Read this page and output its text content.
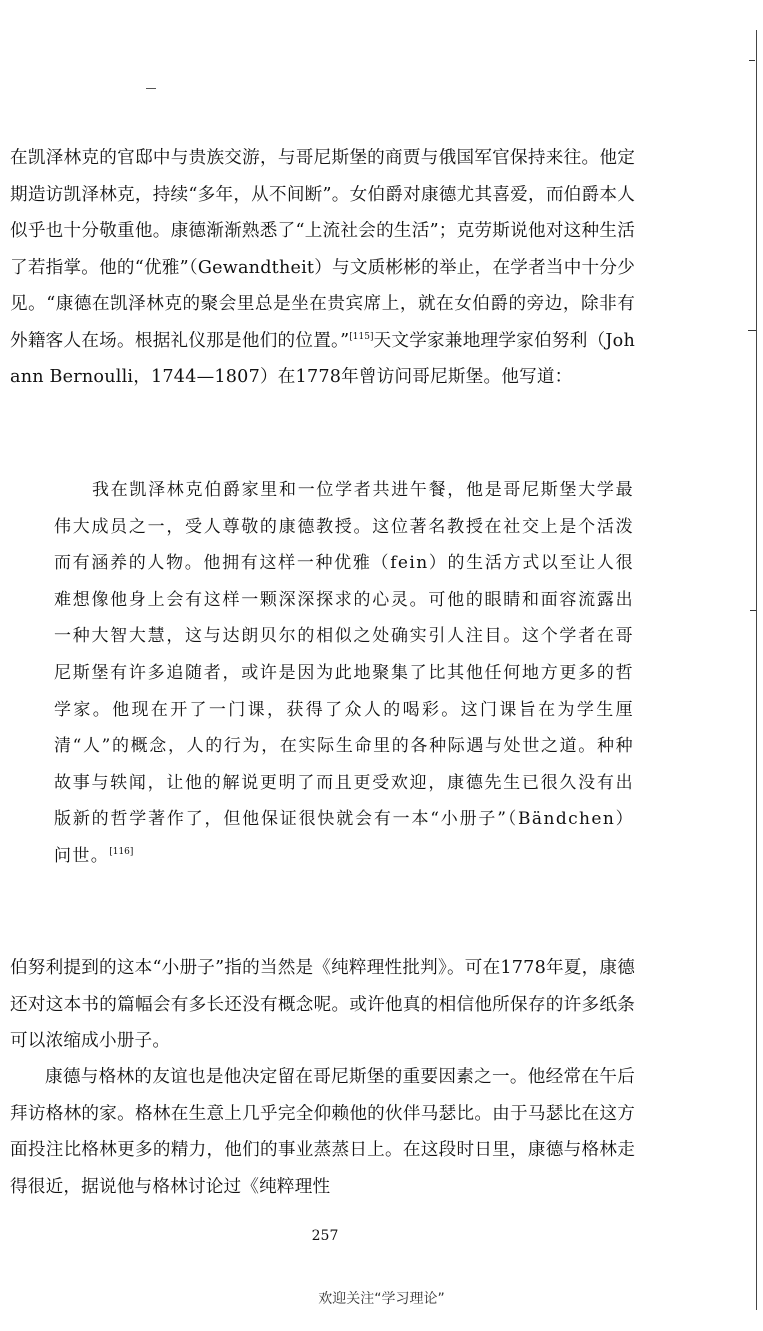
在凯泽林克的官邸中与贵族交游，与哥尼斯堡的商贾与俄国军官保持来往。他定期造访凯泽林克，持续“多年，从不间断”。女伯爵对康德尤其喜爱，而伯爵本人似乎也十分敬重他。康德渐渐熟悉了“上流社会的生活”；克劳斯说他对这种生活了若指掌。他的“优雅”（Gewandtheit）与文质彬彬的举止，在学者当中十分少见。“康德在凯泽林克的聚会里总是坐在贵宾席上，就在女伯爵的旁边，除非有外籍客人在场。根据礼仪那是他们的位置。”[115]天文学家兼地理学家伯努利（Johann Bernoulli，1744—1807）在1778年曾访问哥尼斯堡。他写道：

我在凯泽林克伯爵家里和一位学者共进午餐，他是哥尼斯堡大学最伟大成员之一，受人尊敬的康德教授。这位著名教授在社交上是个活泼而有涵养的人物。他拥有这样一种优雅（fein）的生活方式以至让人很难想像他身上会有这样一颗深深探求的心灵。可他的眼睛和面容流露出一种大智大慧，这与达朗贝尔的相似之处确实引人注目。这个学者在哥尼斯堡有许多追随者，或许是因为此地聚集了比其他任何地方更多的哲学家。他现在开了一门课，获得了众人的喝彩。这门课旨在为学生厘清“人”的概念，人的行为，在实际生命里的各种际遇与处世之道。种种故事与轶闻，让他的解说更明了而且更受欢迎，康德先生已很久没有出版新的哲学著作了，但他保证很快就会有一本“小册子”（Bändchen）问世。[116]

伯努利提到的这本“小册子”指的当然是《纯粹理性批判》。可在1778年夏，康德还对这本书的篇幅会有多长还没有概念呢。或许他真的相信他所保存的许多纸条可以浓缩成小册子。

康德与格林的友谊也是他决定留在哥尼斯堡的重要因素之一。他经常在午后拜访格林的家。格林在生意上几乎完全仰赖他的伙伴马瑟比。由于马瑟比在这方面投注比格林更多的精力，他们的事业蒸蒸日上。在这段时日里，康德与格林走得很近，据说他与格林讨论过《纯粹理性

257
欢迎关注“学习理论”
